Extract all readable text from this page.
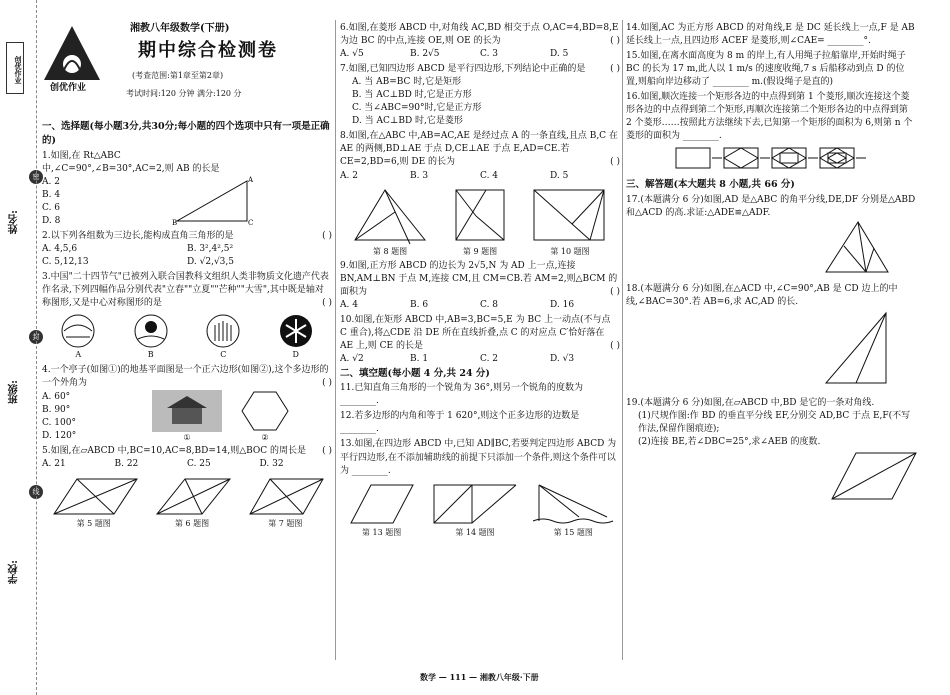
创优作业
姓名:
班级:
学校:
密
封
线
创优作业
湘教八年级数学(下册)
期中综合检测卷
(考查范围:第1章至第2章)
考试时间:120 分钟 满分:120 分
一、选择题(每小题3分,共30分;每小题的四个选项中只有一项是正确的)
1.如图,在 Rt△ABC 中,∠C=90°,∠B=30°,AC=2,则 AB 的长是
A. 2
B. 4
C. 6
D. 8	B	C
A
2.以下列各组数为三边长,能构成直角三角形的是	( )
A. 4,5,6	B. 3²,4²,5²
C. 5,12,13	D. √2,√3,5
3.中国"二十四节气"已被列入联合国教科文组织人类非物质文化遗产代表作名录,下列四幅作品分别代表"立春""立夏""芒种""大雪",其中既是轴对称图形,又是中心对称图形的是	( )
A	B	C	D
4.一个亭子(如图①)的地基平面图是一个正六边形(如图②),这个多边形的一个外角为	( )
A. 60°
B. 90°
C. 100°
D. 120°	①	②
5.如图,在▱ABCD 中,BC=10,AC=8,BD=14,则△BOC 的周长是 ( )
A. 21	B. 22	C. 25	D. 32
第 5 题图	第 6 题图	第 7 题图
6.如图,在菱形 ABCD 中,对角线 AC,BD 相交于点 O,AC=4,BD=8,E 为边 BC 的中点,连接 OE,则 OE 的长为	( )
A. √5	B. 2√5	C. 3	D. 5
7.如图,已知四边形 ABCD 是平行四边形,下列结论中正确的是	( )
A. 当 AB=BC 时,它是矩形
B. 当 AC⊥BD 时,它是正方形
C. 当∠ABC=90°时,它是正方形
D. 当 AC⊥BD 时,它是菱形
8.如图,在△ABC 中,AB=AC,AE 是经过点 A 的一条直线,且点 B,C 在 AE 的两侧,BD⊥AE 于点 D,CE⊥AE 于点 E,AD=CE.若 CE=2,BD=6,则 DE 的长为	( )
A. 2	B. 3	C. 4	D. 5
第 8 题图	第 9 题图	第 10 题图
9.如图,正方形 ABCD 的边长为 2√5,N 为 AD 上一点,连接 BN,AM⊥BN 于点 M,连接 CM,且 CM=CB.若 AM=2,则△BCM 的面积为	( )
A. 4	B. 6	C. 8	D. 16
10.如图,在矩形 ABCD 中,AB=3,BC=5,E 为 BC 上一动点(不与点 C 重合),将△CDE 沿 DE 所在直线折叠,点 C 的对应点 C′恰好落在 AE 上,则 CE 的长是	( )
A. √2	B. 1	C. 2	D. √3
二、填空题(每小题 4 分,共 24 分)
11.已知直角三角形的一个锐角为 36°,则另一个锐角的度数为 ________.
12.若多边形的内角和等于 1 620°,则这个正多边形的边数是 ________.
13.如图,在四边形 ABCD 中,已知 AD∥BC,若要判定四边形 ABCD 为平行四边形,在不添加辅助线的前提下只添加一个条件,则这个条件可以为 ________.
第 13 题图	第 14 题图	第 15 题图
14.如图,AC 为正方形 ABCD 的对角线,E 是 DC 延长线上一点,F 是 AB 延长线上一点,且四边形 ACEF 是菱形,则∠CAE= ________°.
15.如图,在离水面高度为 8 m 的岸上,有人用绳子拉船靠岸,开始时绳子 BC 的长为 17 m,此人以 1 m/s 的速度收绳,7 s 后船移动到点 D 的位置,则船向岸边移动了 ________ m.(假设绳子是直的)
16.如图,顺次连接一个矩形各边的中点得到第 1 个菱形,顺次连接这个菱形各边的中点得到第二个矩形,再顺次连接第二个矩形各边的中点得到第 2 个菱形……按照此方法继续下去,已知第一个矩形的面积为 6,则第 n 个菱形的面积为 ________.
三、解答题(本大题共 8 小题,共 66 分)
17.(本题满分 6 分)如图,AD 是△ABC 的角平分线,DE,DF 分别是△ABD 和△ACD 的高.求证:△ADE≌△ADF.
18.(本题满分 6 分)如图,在△ACD 中,∠C=90°,AB 是 CD 边上的中线,∠BAC=30°.若 AB=6,求 AC,AD 的长.
19.(本题满分 6 分)如图,在▱ABCD 中,BD 是它的一条对角线.
(1)尺规作图:作 BD 的垂直平分线 EF,分别交 AD,BC 于点 E,F(不写作法,保留作图痕迹);
(2)连接 BE,若∠DBC=25°,求∠AEB 的度数.
数学 — 111 — 湘教八年级·下册
